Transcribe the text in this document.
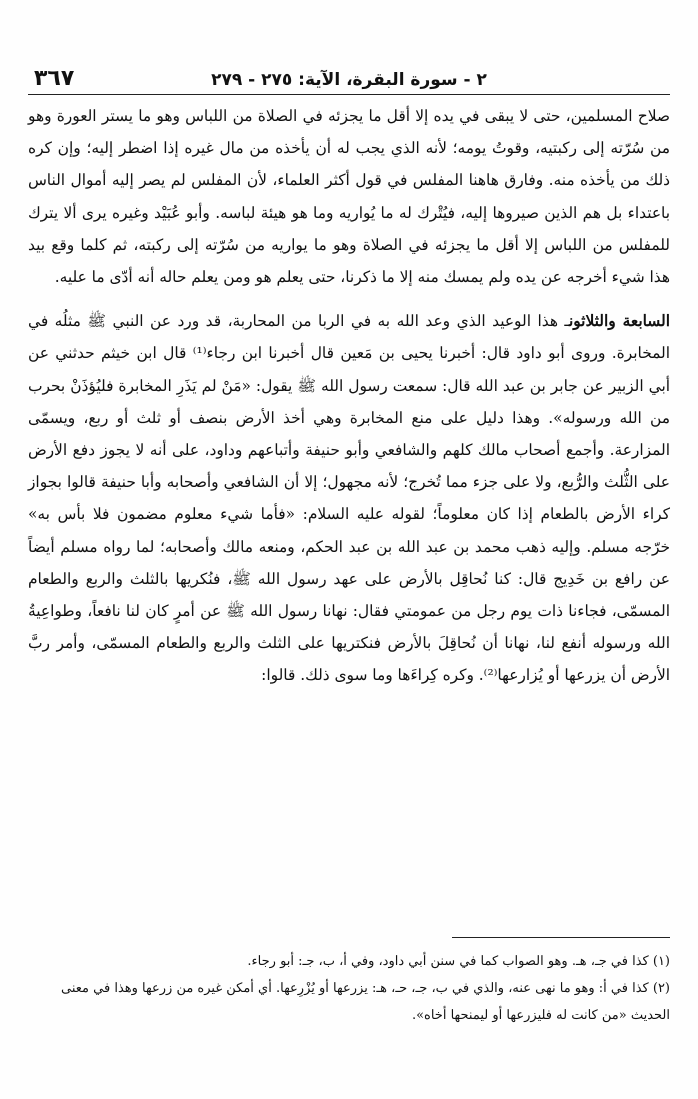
٢ - سورة البقرة، الآية: ٢٧٥ - ٢٧٩
٣٦٧

صلاح المسلمين، حتى لا يبقى في يده إلا أقل ما يجزئه في الصلاة من اللباس وهو ما يستر العورة وهو من سُرّته إلى ركبتيه، وقوتُ يومه؛ لأنه الذي يجب له أن يأخذه من مال غيره إذا اضطر إليه؛ وإن كره ذلك من يأخذه منه. وفارق هاهنا المفلس في قول أكثر العلماء، لأن المفلس لم يصر إليه أموال الناس باعتداء بل هم الذين صيروها إليه، فيُتْرك له ما يُواريه وما هو هيئة لباسه. وأبو عُبَيْد وغيره يرى ألا يترك للمفلس من اللباس إلا أقل ما يجزئه في الصلاة وهو ما يواريه من سُرّته إلى ركبته، ثم كلما وقع بيد هذا شيء أخرجه عن يده ولم يمسك منه إلا ما ذكرنا، حتى يعلم هو ومن يعلم حاله أنه أدّى ما عليه.

السابعة والثلاثونـ هذا الوعيد الذي وعد الله به في الربا من المحاربة، قد ورد عن النبي ﷺ مثلُه في المخابرة. وروى أبو داود قال: أخبرنا يحيى بن مَعين قال أخبرنا ابن رجاء⁽¹⁾ قال ابن خيثم حدثني عن أبي الزبير عن جابر بن عبد الله قال: سمعت رسول الله ﷺ يقول: «مَنْ لم يَذَرِ المخابرة فليُؤذَنْ بحرب من الله ورسوله». وهذا دليل على منع المخابرة وهي أخذ الأرض بنصف أو ثلث أو ربع، ويسمّى المزارعة. وأجمع أصحاب مالك كلهم والشافعي وأبو حنيفة وأتباعهم وداود، على أنه لا يجوز دفع الأرض على الثُّلث والرُّبع، ولا على جزء مما تُخرج؛ لأنه مجهول؛ إلا أن الشافعي وأصحابه وأبا حنيفة قالوا بجواز كراء الأرض بالطعام إذا كان معلوماً؛ لقوله عليه السلام: «فأما شيء معلوم مضمون فلا بأس به» خرّجه مسلم. وإليه ذهب محمد بن عبد الله بن عبد الحكم، ومنعه مالك وأصحابه؛ لما رواه مسلم أيضاً عن رافع بن خَدِيج قال: كنا نُحاقِل بالأرض على عهد رسول الله ﷺ، فنُكريها بالثلث والربع والطعام المسمّى، فجاءنا ذات يوم رجل من عمومتي فقال: نهانا رسول الله ﷺ عن أمرٍ كان لنا نافعاً، وطواعِيةُ الله ورسوله أنفع لنا، نهانا أن نُحاقِلَ بالأرض فنكتريها على الثلث والربع والطعام المسمّى، وأمر ربَّ الأرض أن يزرعها أو يُزارعها⁽²⁾. وكره كِراءَها وما سوى ذلك. قالوا:

(١) كذا في جـ، هـ. وهو الصواب كما في سنن أبي داود، وفي أ، ب، جـ: أبو رجاء.

(٢) كذا في أ: وهو ما نهى عنه، والذي في ب، جـ، حـ، هـ: يزرعها أو يُزْرِعها. أي أمكن غيره من زرعها وهذا في معنى الحديث «من كانت له فليزرعها أو ليمنحها أخاه».
